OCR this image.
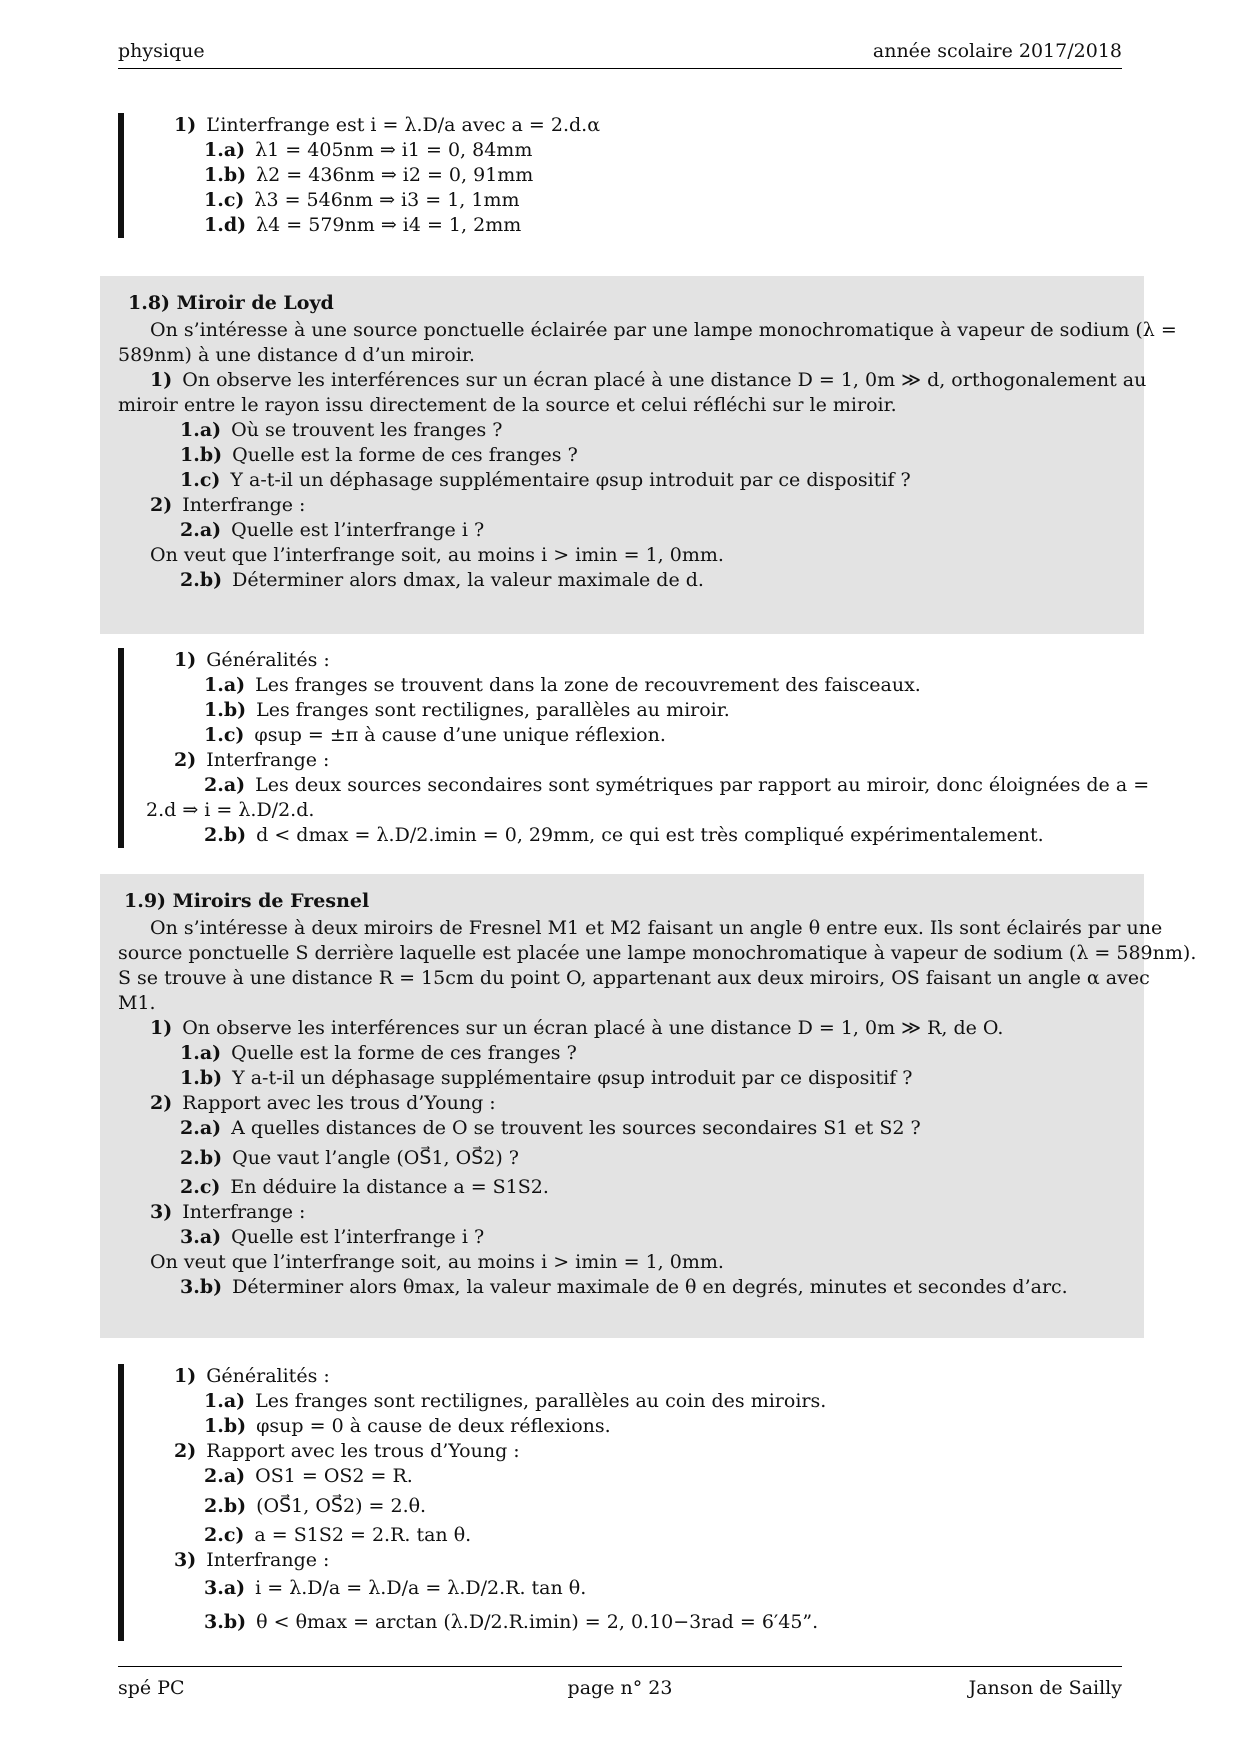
physique	année scolaire 2017/2018
1) L’interfrange est i = λ.D/a avec a = 2.d.α
1.a) λ1 = 405nm ⇒ i1 = 0, 84mm
1.b) λ2 = 436nm ⇒ i2 = 0, 91mm
1.c) λ3 = 546nm ⇒ i3 = 1, 1mm
1.d) λ4 = 579nm ⇒ i4 = 1, 2mm
1.8) Miroir de Loyd
On s’intéresse à une source ponctuelle éclairée par une lampe monochromatique à vapeur de sodium (λ =
589nm) à une distance d d’un miroir.
1) On observe les interférences sur un écran placé à une distance D = 1, 0m ≫ d, orthogonalement au
miroir entre le rayon issu directement de la source et celui réfléchi sur le miroir.
1.a) Où se trouvent les franges ?
1.b) Quelle est la forme de ces franges ?
1.c) Y a-t-il un déphasage supplémentaire φsup introduit par ce dispositif ?
2) Interfrange :
2.a) Quelle est l’interfrange i ?
On veut que l’interfrange soit, au moins i > imin = 1, 0mm.
2.b) Déterminer alors dmax, la valeur maximale de d.
1) Généralités :
1.a) Les franges se trouvent dans la zone de recouvrement des faisceaux.
1.b) Les franges sont rectilignes, parallèles au miroir.
1.c) φsup = ±π à cause d’une unique réflexion.
2) Interfrange :
2.a) Les deux sources secondaires sont symétriques par rapport au miroir, donc éloignées de a =
2.d ⇒ i = λ.D/2.d.
2.b) d < dmax = λ.D/2.imin = 0, 29mm, ce qui est très compliqué expérimentalement.
1.9) Miroirs de Fresnel
On s’intéresse à deux miroirs de Fresnel M1 et M2 faisant un angle θ entre eux. Ils sont éclairés par une
source ponctuelle S derrière laquelle est placée une lampe monochromatique à vapeur de sodium (λ = 589nm).
S se trouve à une distance R = 15cm du point O, appartenant aux deux miroirs, OS faisant un angle α avec
M1.
1) On observe les interférences sur un écran placé à une distance D = 1, 0m ≫ R, de O.
1.a) Quelle est la forme de ces franges ?
1.b) Y a-t-il un déphasage supplémentaire φsup introduit par ce dispositif ?
2) Rapport avec les trous d’Young :
2.a) A quelles distances de O se trouvent les sources secondaires S1 et S2 ?
2.b) Que vaut l’angle (OS⃗1, OS⃗2) ?
2.c) En déduire la distance a = S1S2.
3) Interfrange :
3.a) Quelle est l’interfrange i ?
On veut que l’interfrange soit, au moins i > imin = 1, 0mm.
3.b) Déterminer alors θmax, la valeur maximale de θ en degrés, minutes et secondes d’arc.
1) Généralités :
1.a) Les franges sont rectilignes, parallèles au coin des miroirs.
1.b) φsup = 0 à cause de deux réflexions.
2) Rapport avec les trous d’Young :
2.a) OS1 = OS2 = R.
2.b) (OS⃗1, OS⃗2) = 2.θ.
2.c) a = S1S2 = 2.R. tan θ.
3) Interfrange :
3.a) i = λ.D/a = λ.D/a = λ.D/2.R. tan θ.
3.b) θ < θmax = arctan (λ.D/2.R.imin) = 2, 0.10−3rad = 6′45”.
spé PC	page n° 23	Janson de Sailly
